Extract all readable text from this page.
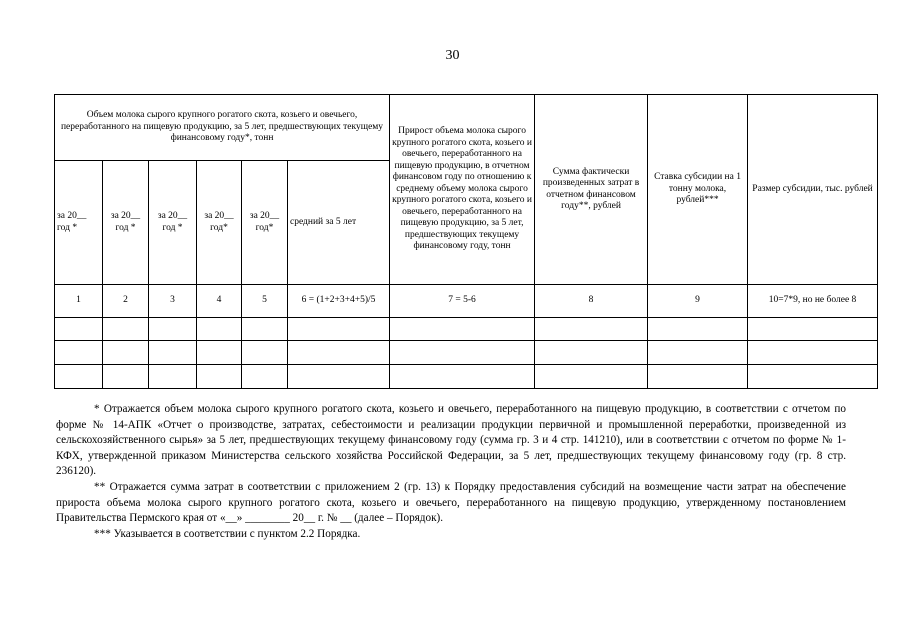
30
Объем молока сырого крупного рогатого скота, козьего и овечьего, переработанного на пищевую продукцию, за 5 лет, предшествующих текущему финансовому году*, тонн						Прирост объема молока сырого крупного рогатого скота, козьего и овечьего, переработанного на пищевую продукцию, в отчетном финансовом году по отношению к среднему объему молока сырого крупного рогатого скота, козьего и овечьего, переработанного на пищевую продукцию, за 5 лет, предшествующих текущему финансовому году, тонн	Сумма фактически произведенных затрат в отчетном финансовом году**, рублей	Ставка субсидии на 1 тонну молока, рублей***	Размер субсидии, тыс. рублей
за 20__ год *	за 20__ год *	за 20__ год *	за 20__ год*	за 20__ год*	средний за 5 лет				
1	2	3	4	5	6 = (1+2+3+4+5)/5	7 = 5-6	8	9	10=7*9, но не более 8

* Отражается объем молока сырого крупного рогатого скота, козьего и овечьего, переработанного на пищевую продукцию, в соответствии с отчетом по форме № 14-АПК «Отчет о производстве, затратах, себестоимости и реализации продукции первичной и промышленной переработки, произведенной из сельскохозяйственного сырья» за 5 лет, предшествующих текущему финансовому году (сумма гр. 3 и 4 стр. 141210), или в соответствии с отчетом по форме № 1-КФХ, утвержденной приказом Министерства сельского хозяйства Российской Федерации, за 5 лет, предшествующих текущему финансовому году (гр. 8 стр. 236120).

** Отражается сумма затрат в соответствии с приложением 2 (гр. 13) к Порядку предоставления субсидий на возмещение части затрат на обеспечение прироста объема молока сырого крупного рогатого скота, козьего и овечьего, переработанного на пищевую продукцию, утвержденному постановлением Правительства Пермского края от «__» ________ 20__ г. № __ (далее – Порядок).

*** Указывается в соответствии с пунктом 2.2 Порядка.
